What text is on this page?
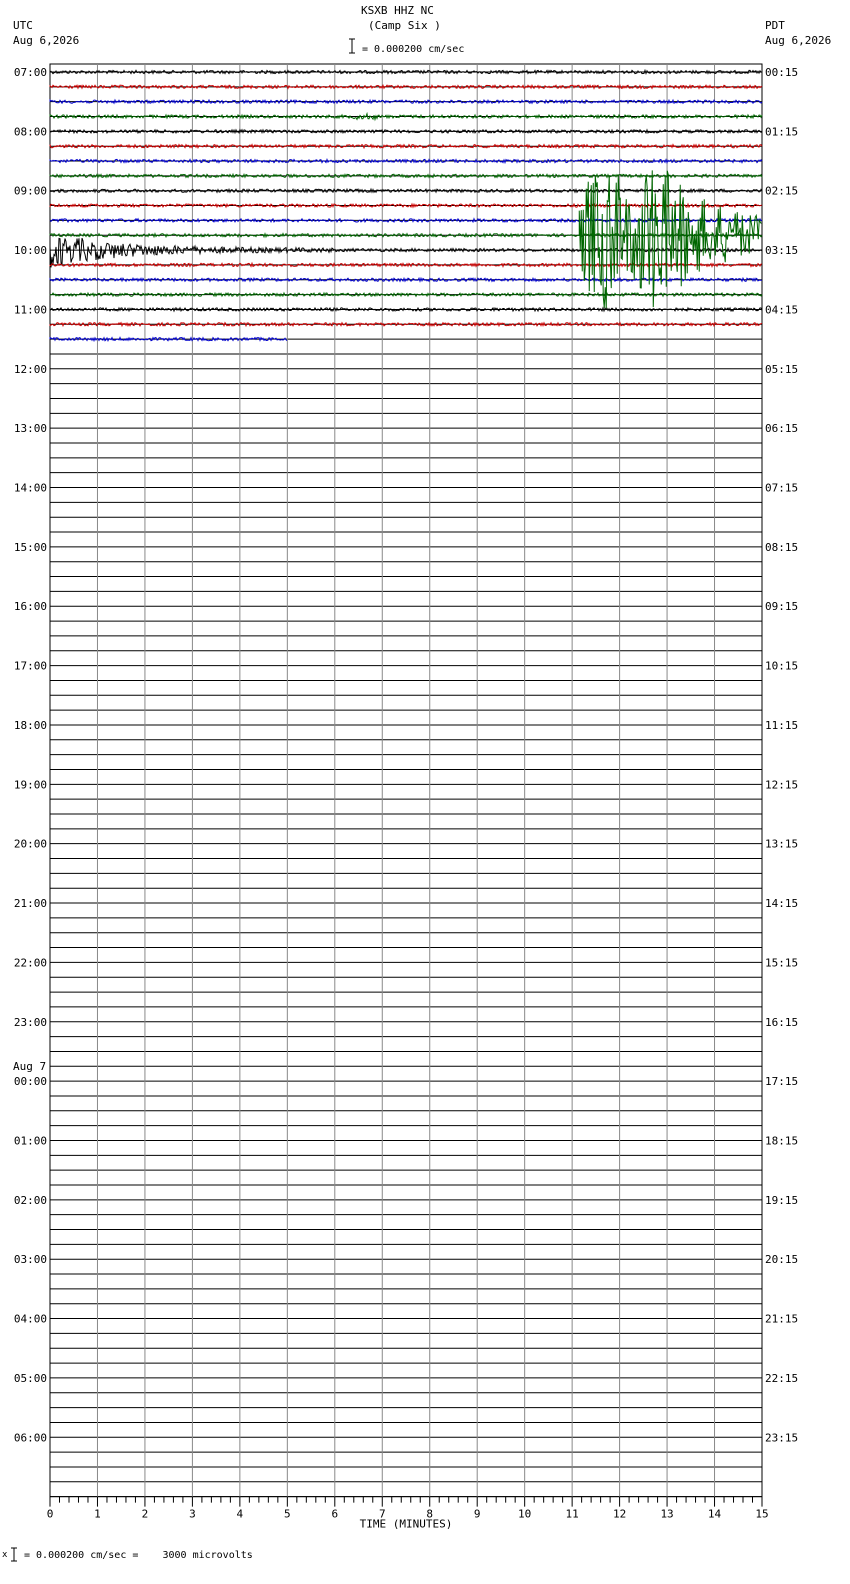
UTC
Aug 6,2026
PDT
Aug 6,2026
KSXB HHZ NC
(Camp Six )
= 0.000200 cm/sec
0	1	2	3	4	5	6	7	8	9	10	11	12	13	14	15
TIME (MINUTES)
07:00	00:15
08:00	01:15
09:00	02:15
10:00	03:15
11:00	04:15
12:00	05:15
13:00	06:15
14:00	07:15
15:00	08:15
16:00	09:15
17:00	10:15
18:00	11:15
19:00	12:15
20:00	13:15
21:00	14:15
22:00	15:15
23:00	16:15
00:00	17:15
01:00	18:15
02:00	19:15
03:00	20:15
04:00	21:15
05:00	22:15
06:00	23:15
Aug 7
x = 0.000200 cm/sec =    3000 microvolts
